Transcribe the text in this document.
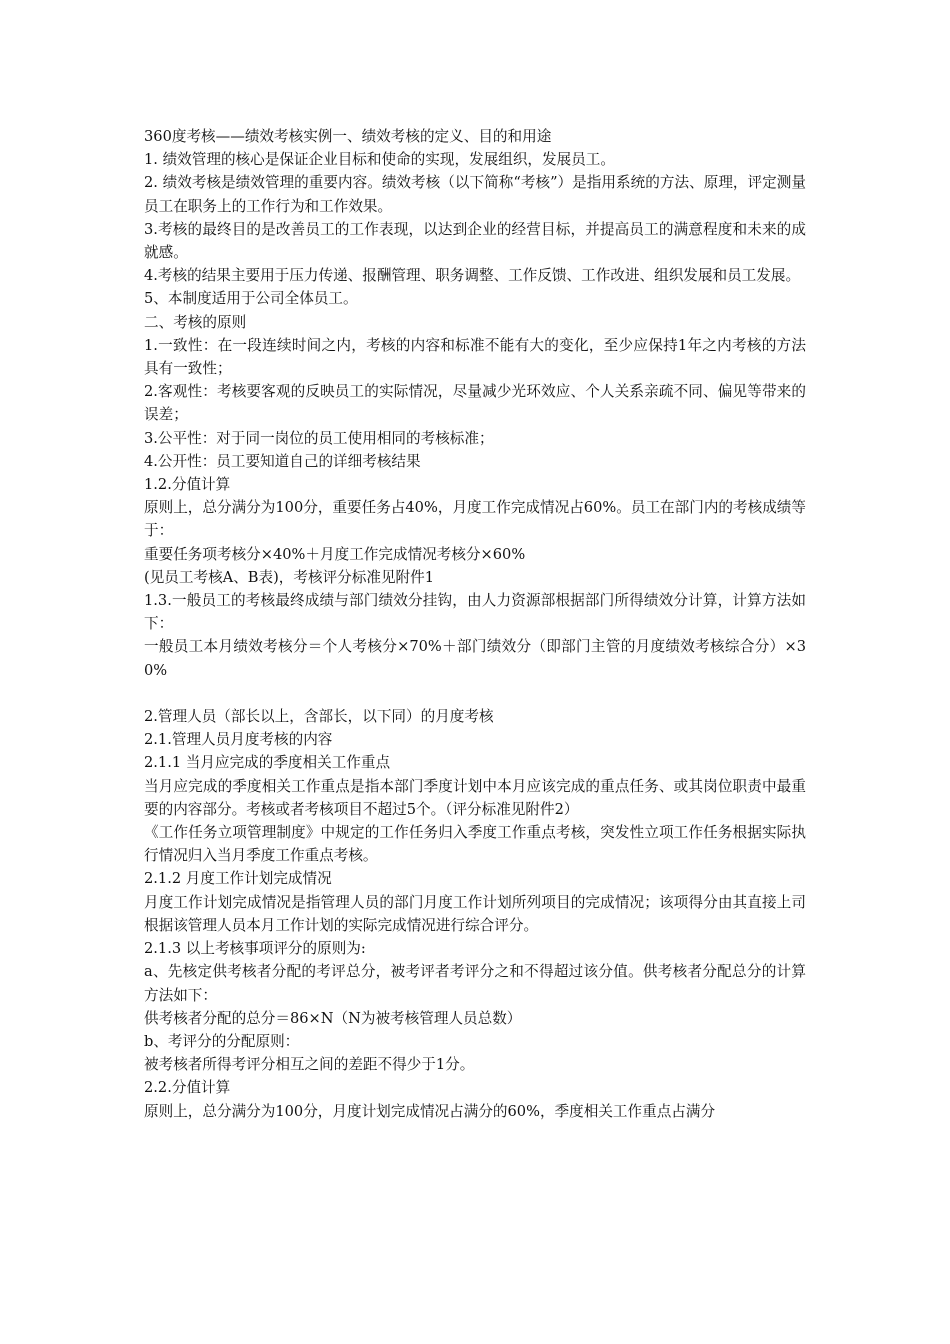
360度考核——绩效考核实例一、绩效考核的定义、目的和用途

1. 绩效管理的核心是保证企业目标和使命的实现，发展组织，发展员工。

2. 绩效考核是绩效管理的重要内容。绩效考核（以下简称“考核”）是指用系统的方法、原理，评定测量员工在职务上的工作行为和工作效果。

3.考核的最终目的是改善员工的工作表现，以达到企业的经营目标，并提高员工的满意程度和未来的成就感。

4.考核的结果主要用于压力传递、报酬管理、职务调整、工作反馈、工作改进、组织发展和员工发展。

5、本制度适用于公司全体员工。

二、考核的原则

1.一致性：在一段连续时间之内，考核的内容和标准不能有大的变化，至少应保持1年之内考核的方法具有一致性；

2.客观性：考核要客观的反映员工的实际情况，尽量减少光环效应、个人关系亲疏不同、偏见等带来的误差；

3.公平性：对于同一岗位的员工使用相同的考核标准；

4.公开性：员工要知道自己的详细考核结果

1.2.分值计算

原则上，总分满分为100分，重要任务占40%，月度工作完成情况占60%。员工在部门内的考核成绩等于：

重要任务项考核分×40%＋月度工作完成情况考核分×60%

(见员工考核A、B表)，考核评分标准见附件1

1.3.一般员工的考核最终成绩与部门绩效分挂钩，由人力资源部根据部门所得绩效分计算，计算方法如下：

一般员工本月绩效考核分＝个人考核分×70%＋部门绩效分（即部门主管的月度绩效考核综合分）×30%

2.管理人员（部长以上，含部长，以下同）的月度考核

2.1.管理人员月度考核的内容

2.1.1 当月应完成的季度相关工作重点

当月应完成的季度相关工作重点是指本部门季度计划中本月应该完成的重点任务、或其岗位职责中最重要的内容部分。考核或者考核项目不超过5个。（评分标准见附件2）

《工作任务立项管理制度》中规定的工作任务归入季度工作重点考核，突发性立项工作任务根据实际执行情况归入当月季度工作重点考核。

2.1.2 月度工作计划完成情况

月度工作计划完成情况是指管理人员的部门月度工作计划所列项目的完成情况；该项得分由其直接上司根据该管理人员本月工作计划的实际完成情况进行综合评分。

2.1.3 以上考核事项评分的原则为:

a、先核定供考核者分配的考评总分，被考评者考评分之和不得超过该分值。供考核者分配总分的计算方法如下：

供考核者分配的总分＝86×N（N为被考核管理人员总数）

b、考评分的分配原则：

被考核者所得考评分相互之间的差距不得少于1分。

2.2.分值计算

原则上，总分满分为100分，月度计划完成情况占满分的60%，季度相关工作重点占满分
